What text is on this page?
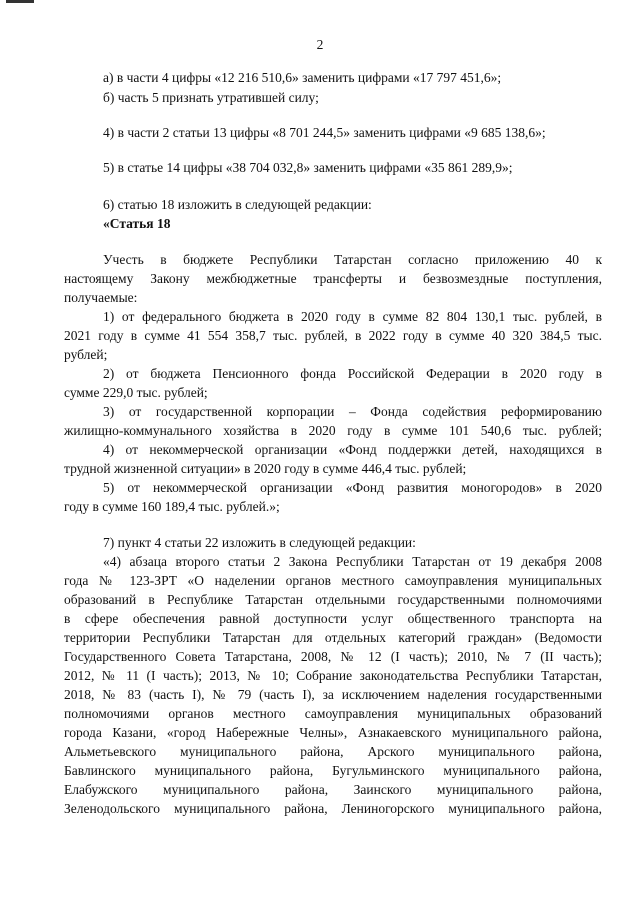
2
а) в части 4 цифры «12 216 510,6» заменить цифрами «17 797 451,6»;
б) часть 5 признать утратившей силу;
4) в части 2 статьи 13 цифры «8 701 244,5» заменить цифрами «9 685 138,6»;
5) в статье 14 цифры «38 704 032,8» заменить цифрами «35 861 289,9»;
6) статью 18 изложить в следующей редакции:
«Статья 18
Учесть в бюджете Республики Татарстан согласно приложению 40 к
настоящему Закону межбюджетные трансферты и безвозмездные поступления,
получаемые:
1) от федерального бюджета в 2020 году в сумме 82 804 130,1 тыс. рублей, в
2021 году в сумме 41 554 358,7 тыс. рублей, в 2022 году в сумме 40 320 384,5 тыс.
рублей;
2) от бюджета Пенсионного фонда Российской Федерации в 2020 году в
сумме 229,0 тыс. рублей;
3) от государственной корпорации – Фонда содействия реформированию
жилищно-коммунального хозяйства в 2020 году в сумме 101 540,6 тыс. рублей;
4) от некоммерческой организации «Фонд поддержки детей, находящихся в
трудной жизненной ситуации» в 2020 году в сумме 446,4 тыс. рублей;
5) от некоммерческой организации «Фонд развития моногородов» в 2020
году в сумме 160 189,4 тыс. рублей.»;
7) пункт 4 статьи 22 изложить в следующей редакции:
«4) абзаца второго статьи 2 Закона Республики Татарстан от 19 декабря 2008
года № 123-ЗРТ «О наделении органов местного самоуправления муниципальных
образований в Республике Татарстан отдельными государственными полномочиями
в сфере обеспечения равной доступности услуг общественного транспорта на
территории Республики Татарстан для отдельных категорий граждан» (Ведомости
Государственного Совета Татарстана, 2008, № 12 (I часть); 2010, № 7 (II часть);
2012, № 11 (I часть); 2013, № 10; Собрание законодательства Республики Татарстан,
2018, № 83 (часть I), № 79 (часть I), за исключением наделения государственными
полномочиями органов местного самоуправления муниципальных образований
города Казани, «город Набережные Челны», Азнакаевского муниципального района,
Альметьевского муниципального района, Арского муниципального района,
Бавлинского муниципального района, Бугульминского муниципального района,
Елабужского муниципального района, Заинского муниципального района,
Зеленодольского муниципального района, Лениногорского муниципального района,
